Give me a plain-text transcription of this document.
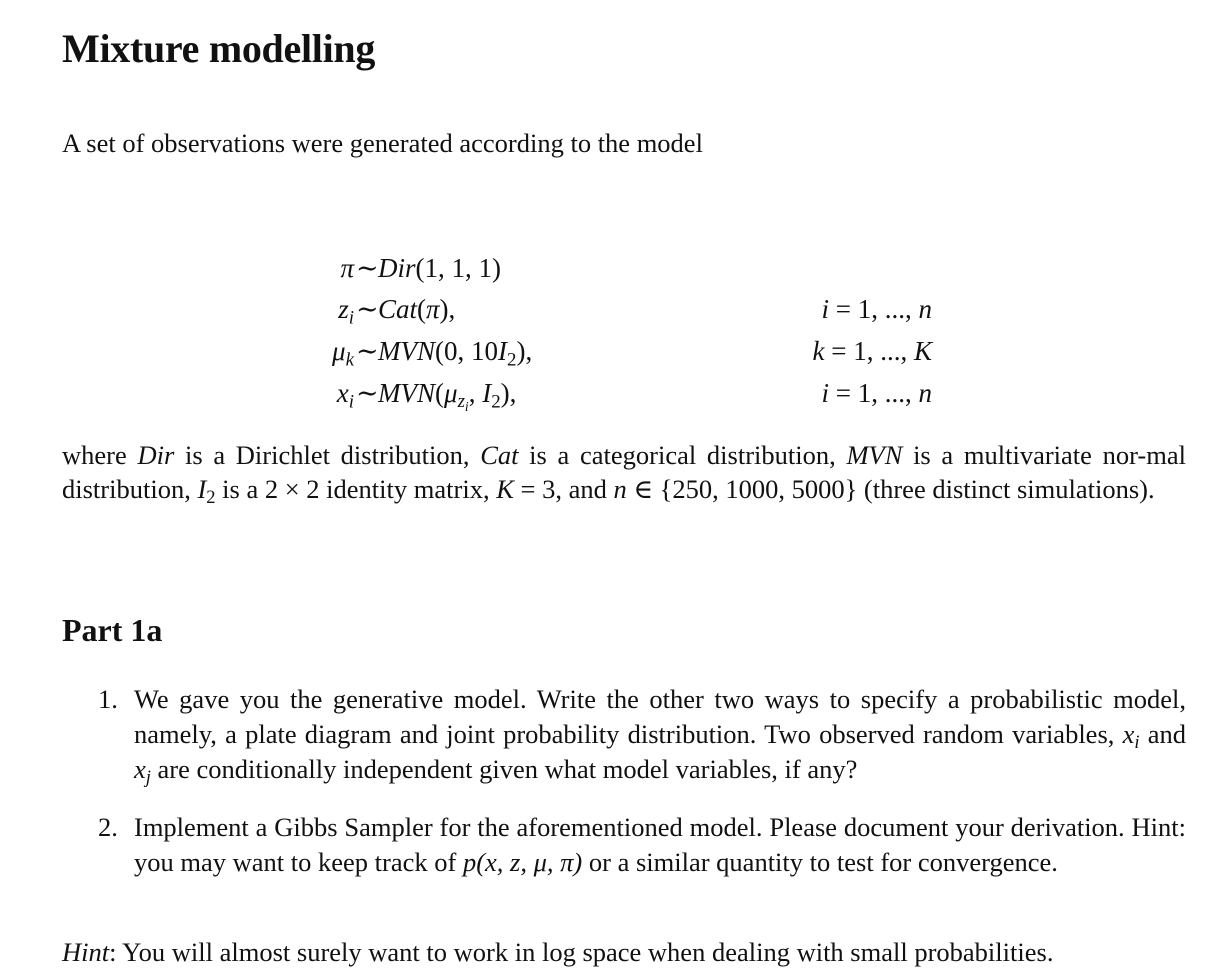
Mixture modelling

A set of observations were generated according to the model

π ∼ Dir(1, 1, 1)
$z_i$ ∼ Cat(π),	i = 1, ..., n
$\mu_k$ ∼ MVN(0, $10I_2$),	k = 1, ..., K
$x_i$ ∼ $MVN(\mu_{z_i}$, $I_2$),	i = 1, ..., n

where Dir is a Dirichlet distribution, Cat is a categorical distribution, MVN is a multivariate nor-mal distribution, $I_2$ is a 2 × 2 identity matrix, K = 3, and n ∈ {250, 1000, 5000} (three distinct simulations).

Part 1a
1. We gave you the generative model. Write the other two ways to specify a probabilistic model, namely, a plate diagram and joint probability distribution. Two observed random variables, $x_i$ and $x_j$ are conditionally independent given what model variables, if any?
2. Implement a Gibbs Sampler for the aforementioned model. Please document your derivation. Hint: you may want to keep track of p(x, z, μ, π) or a similar quantity to test for convergence.

Hint: You will almost surely want to work in log space when dealing with small probabilities.
